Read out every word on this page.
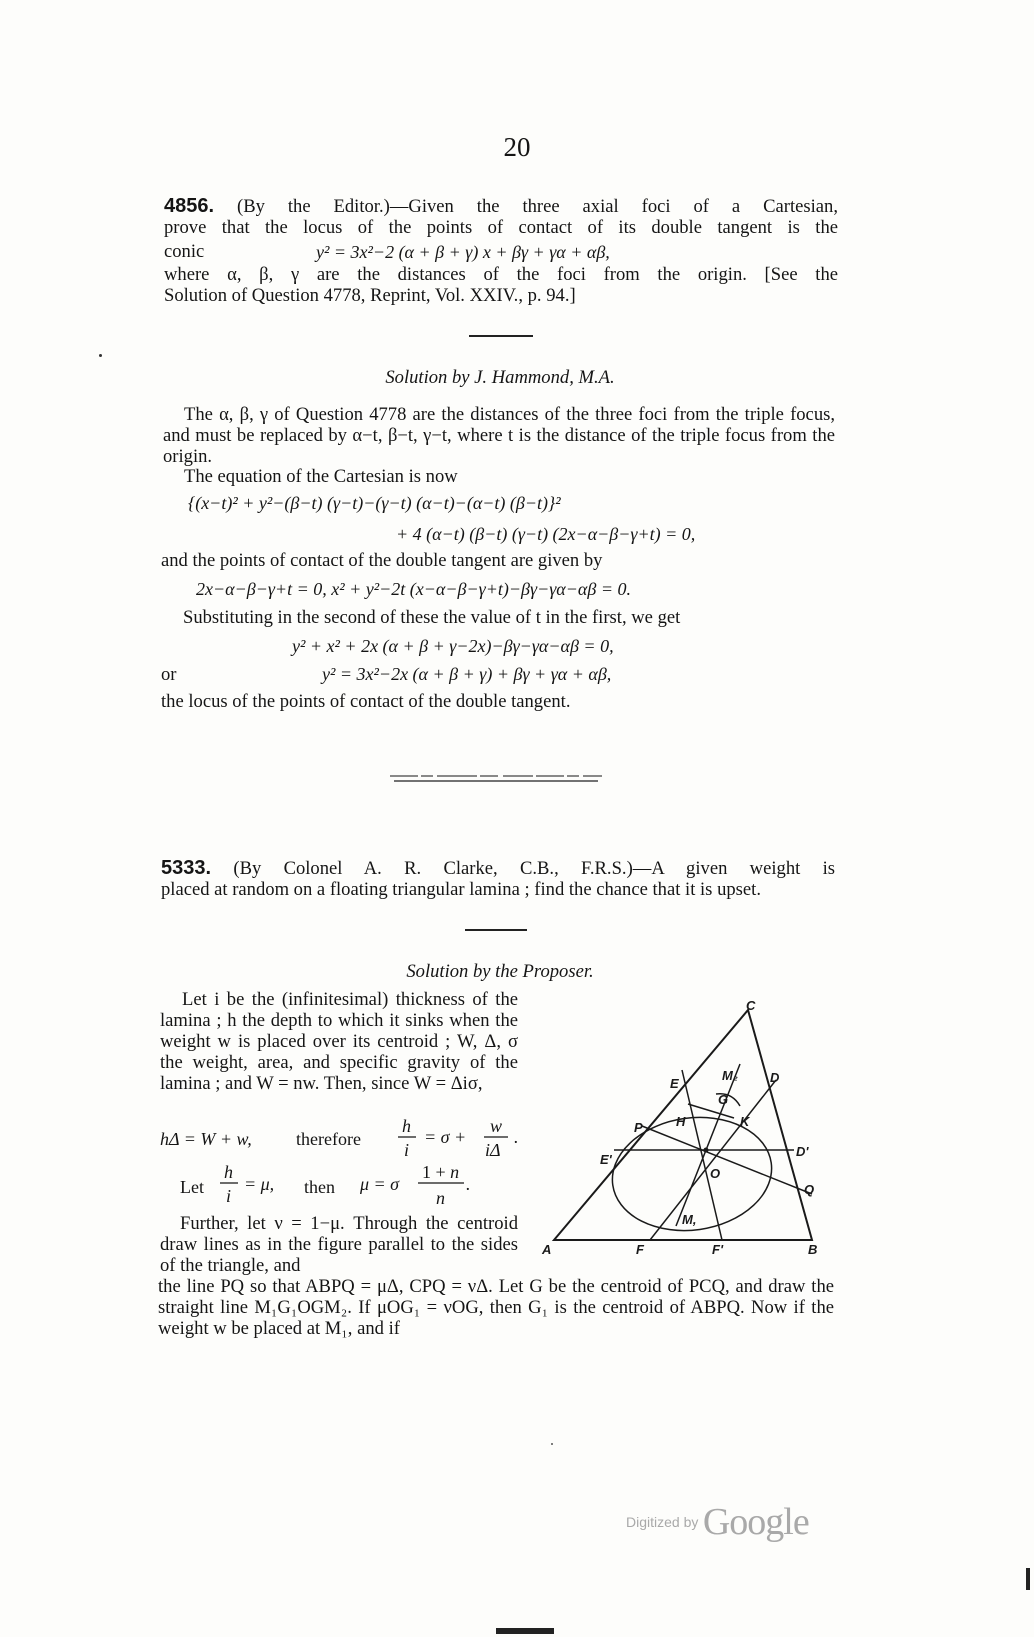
20
4856. (By the Editor.)—Given the three axial foci of a Cartesian,
prove that the locus of the points of contact of its double tangent is the
conic	y² = 3x²−2 (α + β + γ) x + βγ + γα + αβ,
where α, β, γ are the distances of the foci from the origin. [See the
Solution of Question 4778, Reprint, Vol. XXIV., p. 94.]
Solution by J. Hammond, M.A.
The α, β, γ of Question 4778 are the distances of the three foci from the triple focus, and must be replaced by α−t, β−t, γ−t, where t is the distance of the triple focus from the origin.
The equation of the Cartesian is now
{(x−t)² + y²−(β−t) (γ−t)−(γ−t) (α−t)−(α−t) (β−t)}²
+ 4 (α−t) (β−t) (γ−t) (2x−α−β−γ+t) = 0,
and the points of contact of the double tangent are given by
2x−α−β−γ+t = 0, x² + y²−2t (x−α−β−γ+t)−βγ−γα−αβ = 0.
Substituting in the second of these the value of t in the first, we get
y² + x² + 2x (α + β + γ−2x)−βγ−γα−αβ = 0,
or	y² = 3x²−2x (α + β + γ) + βγ + γα + αβ,
the locus of the points of contact of the double tangent.
5333. (By Colonel A. R. Clarke, C.B., F.R.S.)—A given weight is
placed at random on a floating triangular lamina ; find the chance that it is upset.
Solution by the Proposer.
Let i be the (infinitesimal) thickness of the lamina ; h the depth to which it sinks when the weight w is placed over its centroid ; W, Δ, σ the weight, area, and specific gravity of the lamina ; and W = nw. Then, since W = Δiσ,
hΔ = W + w, therefore
h
i
= σ +
w
iΔ
.
Let
h
i
= μ, then μ = σ
1 + n
n
.
Further, let ν = 1−μ. Through the centroid draw lines as in the figure parallel to the sides of the triangle, and
the line PQ so that ABPQ = μΔ, CPQ = νΔ. Let G be the centroid of PCQ, and draw the straight line M₁G₁OGM₂. If μOG₁ = νOG, then G₁ is the centroid of ABPQ. Now if the weight w be placed at M₁, and if
A	B
C
D
D'
E
E'
F	F'
P
Q
H	K
O
M₂
M,
G
Digitized by Google
